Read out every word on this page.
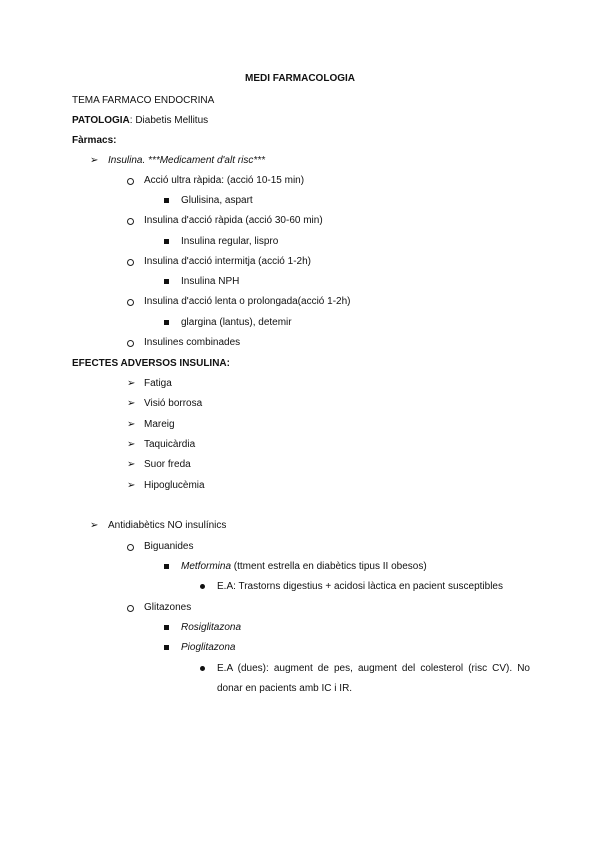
MEDI FARMACOLOGIA
TEMA FARMACO ENDOCRINA
PATOLOGIA: Diabetis Mellitus
Fàrmacs:
➢ Insulina. ***Medicament d'alt risc***
Acció ultra ràpida: (acció 10-15 min)
Glulisina, aspart
Insulina d'acció ràpida (acció 30-60 min)
Insulina regular, lispro
Insulina d'acció intermitja (acció 1-2h)
Insulina NPH
Insulina d'acció lenta o prolongada(acció 1-2h)
glargina (lantus), detemir
Insulines combinades
EFECTES ADVERSOS INSULINA:
➢ Fatiga
➢ Visió borrosa
➢ Mareig
➢ Taquicàrdia
➢ Suor freda
➢ Hipoglucèmia
➢ Antidiabètics NO insulínics
Biguanides
Metformina (ttment estrella en diabètics tipus II obesos)
E.A: Trastorns digestius + acidosi làctica en pacient susceptibles
Glitazones
Rosiglitazona
Pioglitazona
E.A (dues): augment de pes, augment del colesterol (risc CV). No
donar en pacients amb IC i IR.
